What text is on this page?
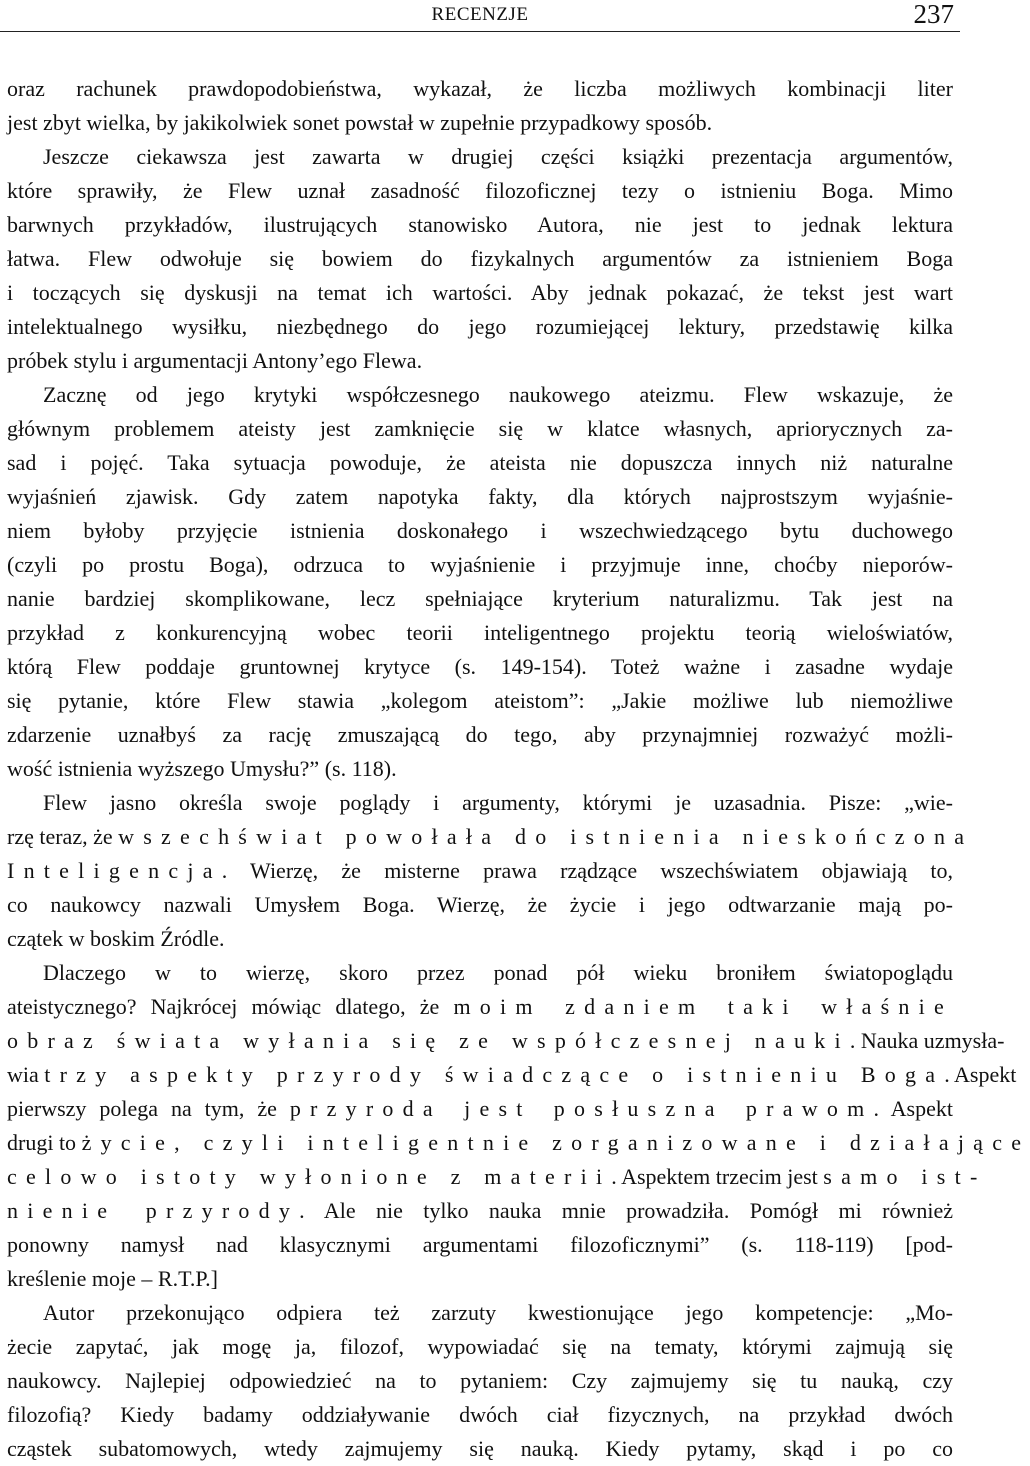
RECENZJE	237
oraz rachunek prawdopodobieństwa, wykazał, że liczba możliwych kombinacji liter
jest zbyt wielka, by jakikolwiek sonet powstał w zupełnie przypadkowy sposób.
Jeszcze ciekawsza jest zawarta w drugiej części książki prezentacja argumentów,
które sprawiły, że Flew uznał zasadność filozoficznej tezy o istnieniu Boga. Mimo
barwnych przykładów, ilustrujących stanowisko Autora, nie jest to jednak lektura
łatwa. Flew odwołuje się bowiem do fizykalnych argumentów za istnieniem Boga
i toczących się dyskusji na temat ich wartości. Aby jednak pokazać, że tekst jest wart
intelektualnego wysiłku, niezbędnego do jego rozumiejącej lektury, przedstawię kilka
próbek stylu i argumentacji Antony’ego Flewa.
Zacznę od jego krytyki współczesnego naukowego ateizmu. Flew wskazuje, że
głównym problemem ateisty jest zamknięcie się w klatce własnych, apriorycznych za-
sad i pojęć. Taka sytuacja powoduje, że ateista nie dopuszcza innych niż naturalne
wyjaśnień zjawisk. Gdy zatem napotyka fakty, dla których najprostszym wyjaśnie-
niem byłoby przyjęcie istnienia doskonałego i wszechwiedzącego bytu duchowego
(czyli po prostu Boga), odrzuca to wyjaśnienie i przyjmuje inne, choćby nieporów-
nanie bardziej skomplikowane, lecz spełniające kryterium naturalizmu. Tak jest na
przykład z konkurencyjną wobec teorii inteligentnego projektu teorią wieloświatów,
którą Flew poddaje gruntownej krytyce (s. 149-154). Toteż ważne i zasadne wydaje
się pytanie, które Flew stawia „kolegom ateistom”: „Jakie możliwe lub niemożliwe
zdarzenie uznałbyś za rację zmuszającą do tego, aby przynajmniej rozważyć możli-
wość istnienia wyższego Umysłu?” (s. 118).
Flew jasno określa swoje poglądy i argumenty, którymi je uzasadnia. Pisze: „wie-
rzę teraz, że wszechświat powołała do istnienia nieskończona
Inteligencja. Wierzę, że misterne prawa rządzące wszechświatem objawiają to,
co naukowcy nazwali Umysłem Boga. Wierzę, że życie i jego odtwarzanie mają po-
czątek w boskim Źródle.
Dlaczego w to wierzę, skoro przez ponad pół wieku broniłem światopoglądu
ateistycznego? Najkrócej mówiąc dlatego, że moim zdaniem taki właśnie
obraz świata wyłania się ze współczesnej nauki. Nauka uzmysła-
wia trzy aspekty przyrody świadczące o istnieniu Boga. Aspekt
pierwszy polega na tym, że przyroda jest posłuszna prawom. Aspekt
drugi to życie, czyli inteligentnie zorganizowane i działające
celowo istoty wyłonione z materii. Aspektem trzecim jest samo ist-
nienie przyrody. Ale nie tylko nauka mnie prowadziła. Pomógł mi również
ponowny namysł nad klasycznymi argumentami filozoficznymi” (s. 118-119) [pod-
kreślenie moje – R.T.P.]
Autor przekonująco odpiera też zarzuty kwestionujące jego kompetencje: „Mo-
żecie zapytać, jak mogę ja, filozof, wypowiadać się na tematy, którymi zajmują się
naukowcy. Najlepiej odpowiedzieć na to pytaniem: Czy zajmujemy się tu nauką, czy
filozofią? Kiedy badamy oddziaływanie dwóch ciał fizycznych, na przykład dwóch
cząstek subatomowych, wtedy zajmujemy się nauką. Kiedy pytamy, skąd i po co
